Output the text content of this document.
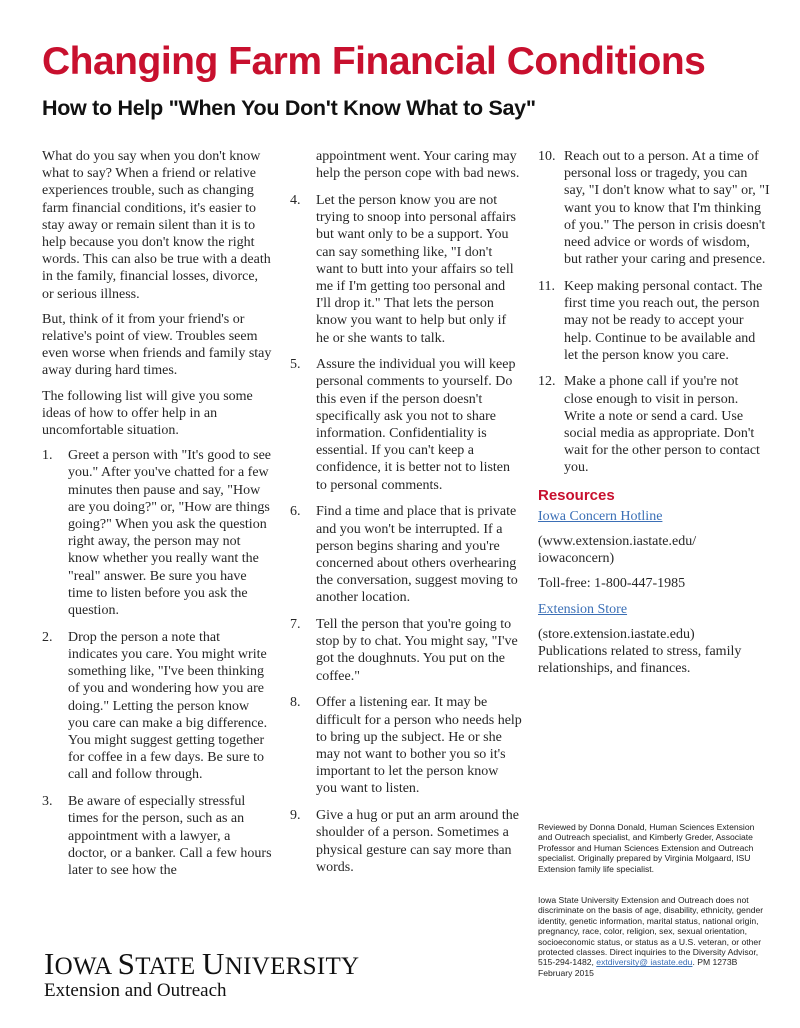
Changing Farm Financial Conditions
How to Help "When You Don't Know What to Say"

What do you say when you don't know what to say? When a friend or relative experiences trouble, such as changing farm financial conditions, it's easier to stay away or remain silent than it is to help because you don't know the right words. This can also be true with a death in the family, financial losses, divorce, or serious illness.

But, think of it from your friend's or relative's point of view. Troubles seem even worse when friends and family stay away during hard times.

The following list will give you some ideas of how to offer help in an uncomfortable situation.

1.	Greet a person with "It's good to see you." After you've chatted for a few minutes then pause and say, "How are you doing?" or, "How are things going?" When you ask the question right away, the person may not know whether you really want the "real" answer. Be sure you have time to listen before you ask the question.
2.	Drop the person a note that indicates you care. You might write something like, "I've been thinking of you and wondering how you are doing." Letting the person know you care can make a big difference. You might suggest getting together for coffee in a few days. Be sure to call and follow through.
3.	Be aware of especially stressful times for the person, such as an appointment with a lawyer, a doctor, or a banker. Call a few hours later to see how the
appointment went. Your caring may help the person cope with bad news.
4.	Let the person know you are not trying to snoop into personal affairs but want only to be a support. You can say something like, "I don't want to butt into your affairs so tell me if I'm getting too personal and I'll drop it." That lets the person know you want to help but only if he or she wants to talk.
5.	Assure the individual you will keep personal comments to yourself. Do this even if the person doesn't specifically ask you not to share information. Confidentiality is essential. If you can't keep a confidence, it is better not to listen to personal comments.
6.	Find a time and place that is private and you won't be interrupted. If a person begins sharing and you're concerned about others overhearing the conversation, suggest moving to another location.
7.	Tell the person that you're going to stop by to chat. You might say, "I've got the doughnuts. You put on the coffee."
8.	Offer a listening ear. It may be difficult for a person who needs help to bring up the subject. He or she may not want to bother you so it's important to let the person know you want to listen.
9.	Give a hug or put an arm around the shoulder of a person. Sometimes a physical gesture can say more than words.
10. Reach out to a person. At a time of personal loss or tragedy, you can say, "I don't know what to say" or, "I want you to know that I'm thinking of you." The person in crisis doesn't need advice or words of wisdom, but rather your caring and presence.
11. Keep making personal contact. The first time you reach out, the person may not be ready to accept your help. Continue to be available and let the person know you care.
12. Make a phone call if you're not close enough to visit in person. Write a note or send a card. Use social media as appropriate. Don't wait for the other person to contact you.
Resources
Iowa Concern Hotline
(www.extension.iastate.edu/ iowaconcern)
Toll-free: 1-800-447-1985
Extension Store
(store.extension.iastate.edu)
Publications related to stress, family relationships, and finances.
Reviewed by Donna Donald, Human Sciences Extension and Outreach specialist, and Kimberly Greder, Associate Professor and Human Sciences Extension and Outreach specialist. Originally prepared by Virginia Molgaard, ISU Extension family life specialist.
Iowa State University Extension and Outreach does not discriminate on the basis of age, disability, ethnicity, gender identity, genetic information, marital status, national origin, pregnancy, race, color, religion, sex, sexual orientation, socioeconomic status, or status as a U.S. veteran, or other protected classes. Direct inquiries to the Diversity Advisor, 515-294-1482, extdiversity@ iastate.edu. PM 1273B February 2015
IOWA STATE UNIVERSITY
Extension and Outreach
